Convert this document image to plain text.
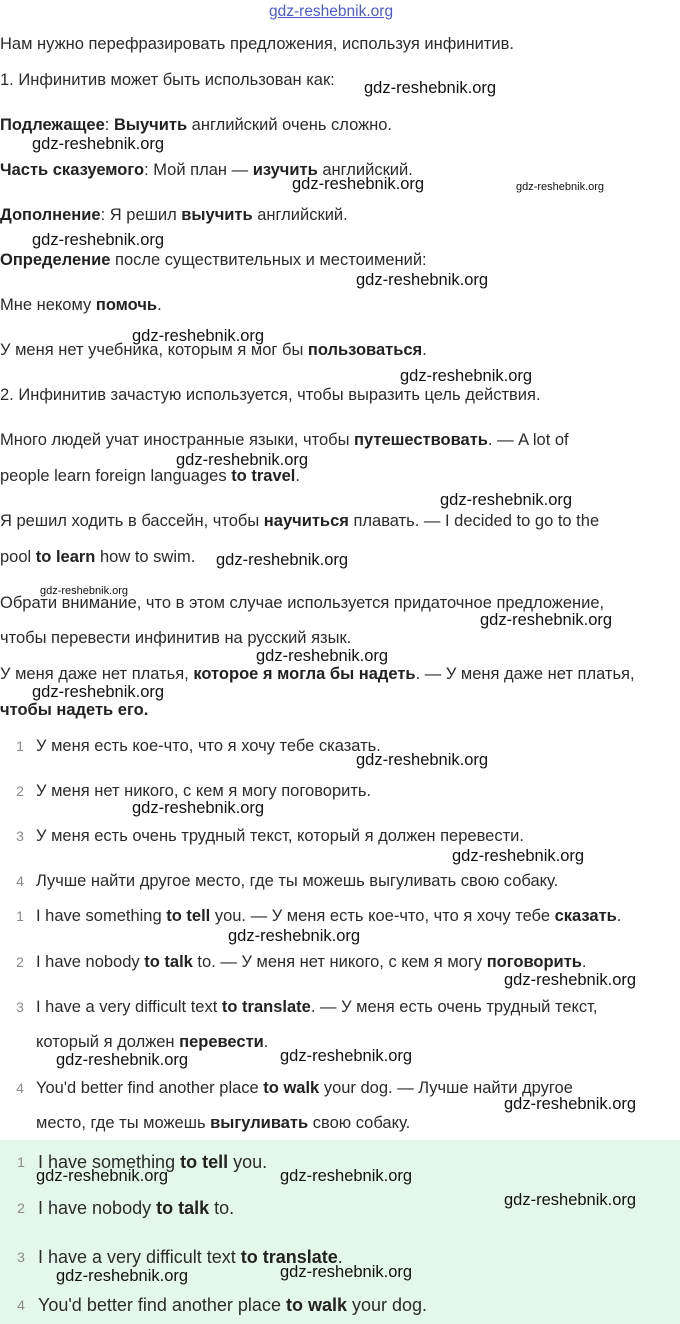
gdz-reshebnik.org
Нам нужно перефразировать предложения, используя инфинитив.
1. Инфинитив может быть использован как:
Подлежащее: Выучить английский очень сложно.
Часть сказуемого: Мой план — изучить английский.
Дополнение: Я решил выучить английский.
Определение после существительных и местоимений:
Мне некому помочь.
У меня нет учебника, которым я мог бы пользоваться.
2. Инфинитив зачастую используется, чтобы выразить цель действия.
Много людей учат иностранные языки, чтобы путешествовать. — A lot of
people learn foreign languages to travel.
Я решил ходить в бассейн, чтобы научиться плавать. — I decided to go to the
pool to learn how to swim.
Обрати внимание, что в этом случае используется придаточное предложение,
чтобы перевести инфинитив на русский язык.
У меня даже нет платья, которое я могла бы надеть. — У меня даже нет платья,
чтобы надеть его.
1 У меня есть кое-что, что я хочу тебе сказать.
2 У меня нет никого, с кем я могу поговорить.
3 У меня есть очень трудный текст, который я должен перевести.
4 Лучше найти другое место, где ты можешь выгуливать свою собаку.
1 I have something to tell you. — У меня есть кое-что, что я хочу тебе сказать.
2 I have nobody to talk to. — У меня нет никого, с кем я могу поговорить.
3 I have a very difficult text to translate. — У меня есть очень трудный текст,
который я должен перевести.
4 You'd better find another place to walk your dog. — Лучше найти другое
место, где ты можешь выгуливать свою собаку.
1 I have something to tell you.
2 I have nobody to talk to.
3 I have a very difficult text to translate.
4 You'd better find another place to walk your dog.
gdz-reshebnik.org
gdz-reshebnik.org
gdz-reshebnik.org	gdz-reshebnik.org
gdz-reshebnik.org
gdz-reshebnik.org
gdz-reshebnik.org
gdz-reshebnik.org
gdz-reshebnik.org
gdz-reshebnik.org
gdz-reshebnik.org
gdz-reshebnik.org
gdz-reshebnik.org
gdz-reshebnik.org
gdz-reshebnik.org
gdz-reshebnik.org
gdz-reshebnik.org
gdz-reshebnik.org
gdz-reshebnik.org
gdz-reshebnik.org
gdz-reshebnik.org	gdz-reshebnik.org
gdz-reshebnik.org
gdz-reshebnik.org	gdz-reshebnik.org
gdz-reshebnik.org
gdz-reshebnik.org	gdz-reshebnik.org
